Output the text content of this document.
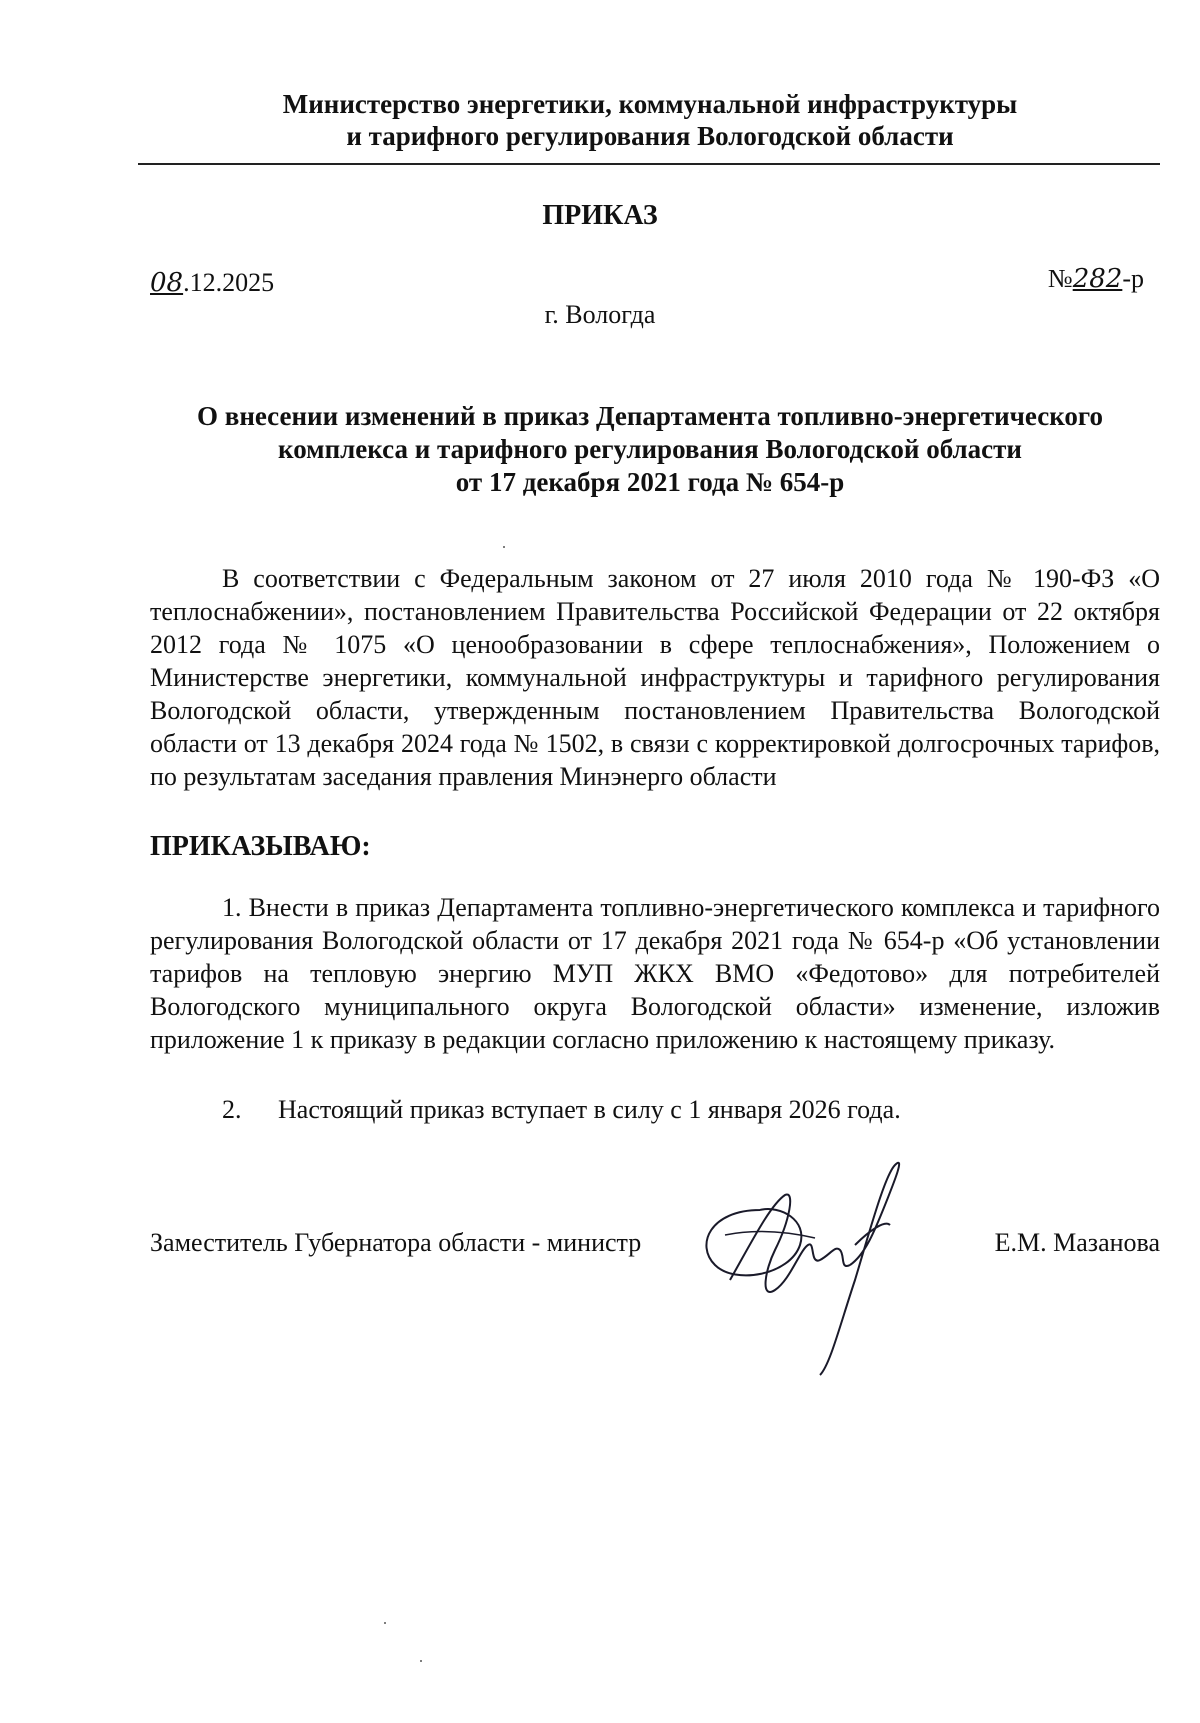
Министерство энергетики, коммунальной инфраструктуры
и тарифного регулирования Вологодской области
ПРИКАЗ
08.12.2025	№282-р
г. Вологда
О внесении изменений в приказ Департамента топливно-энергетического
комплекса и тарифного регулирования Вологодской области
от 17 декабря 2021 года № 654-р
В соответствии с Федеральным законом от 27 июля 2010 года № 190-ФЗ «О теплоснабжении», постановлением Правительства Российской Федерации от 22 октября 2012 года № 1075 «О ценообразовании в сфере теплоснабжения», Положением о Министерстве энергетики, коммунальной инфраструктуры и тарифного регулирования Вологодской области, утвержденным постановлением Правительства Вологодской области от 13 декабря 2024 года № 1502, в связи с корректировкой долгосрочных тарифов, по результатам заседания правления Минэнерго области
ПРИКАЗЫВАЮ:
1. Внести в приказ Департамента топливно-энергетического комплекса и тарифного регулирования Вологодской области от 17 декабря 2021 года № 654-р «Об установлении тарифов на тепловую энергию МУП ЖКХ ВМО «Федотово» для потребителей Вологодского муниципального округа Вологодской области» изменение, изложив приложение 1 к приказу в редакции согласно приложению к настоящему приказу.
2. Настоящий приказ вступает в силу с 1 января 2026 года.
Заместитель Губернатора области - министр	Е.М. Мазанова
